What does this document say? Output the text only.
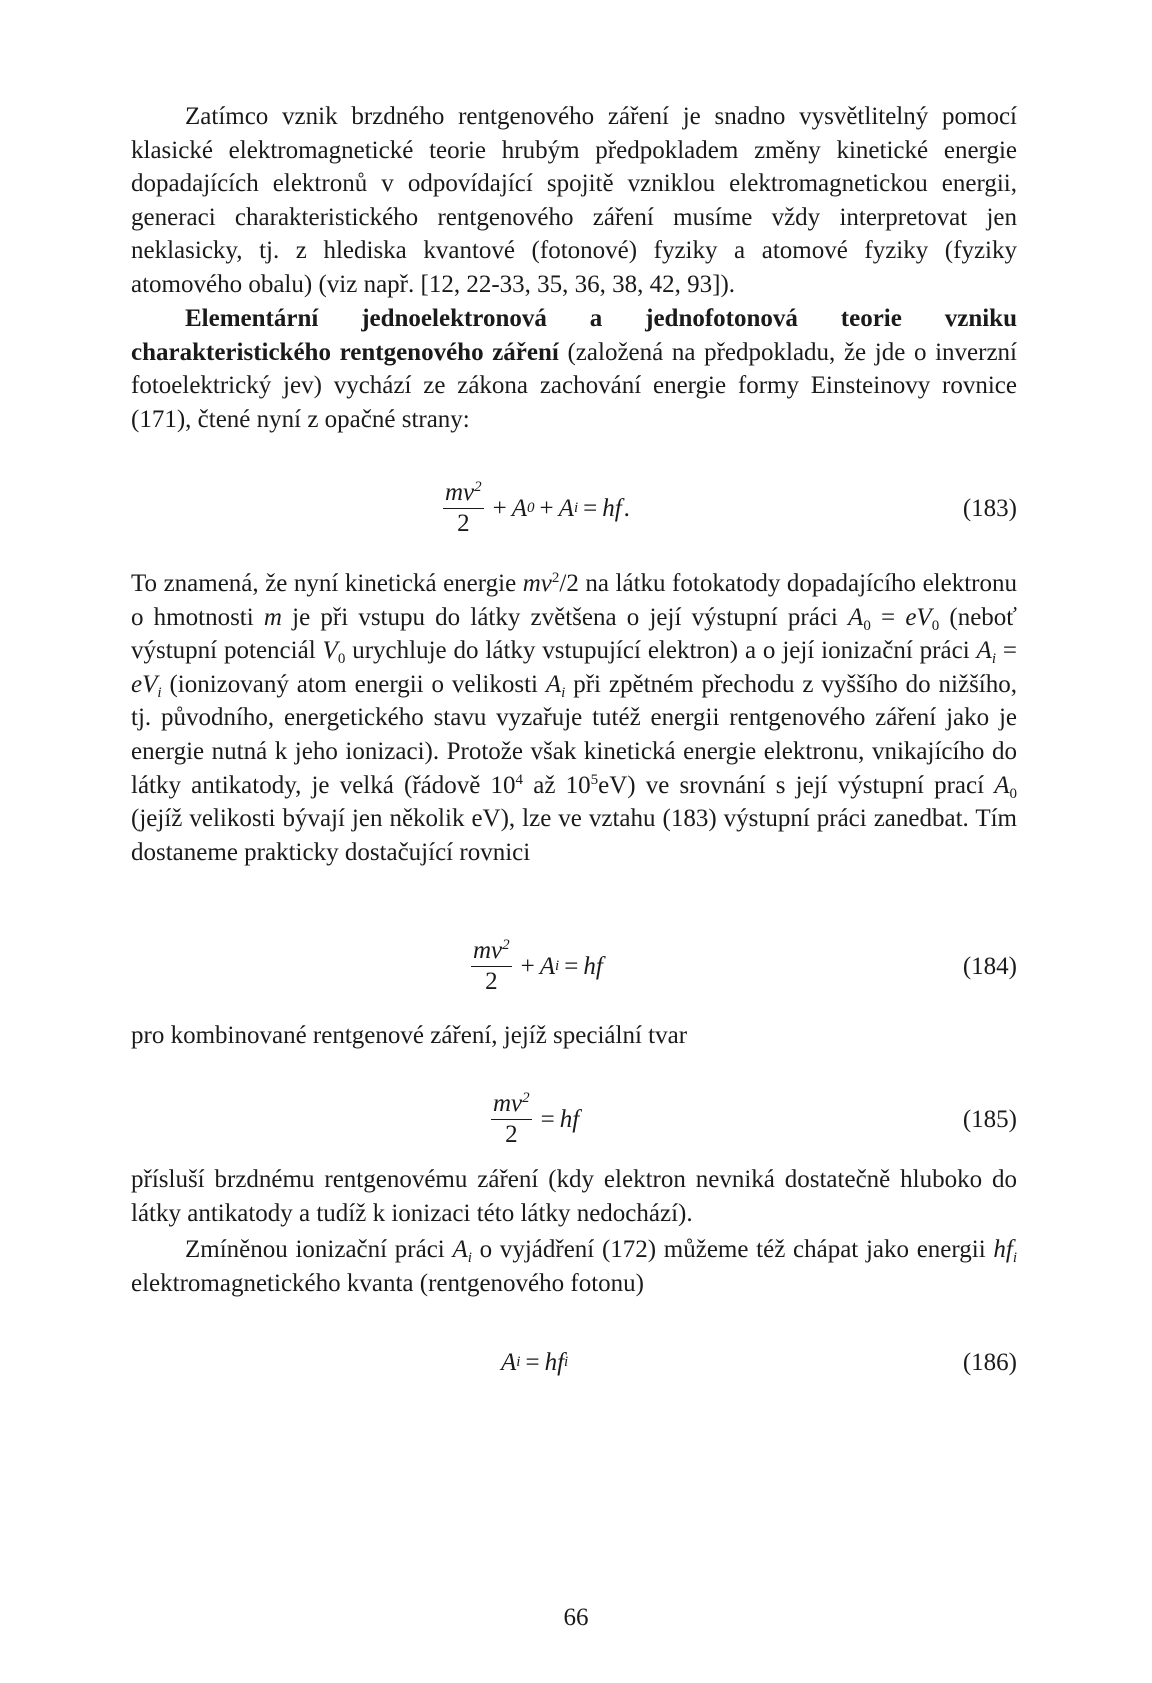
Zatímco vznik brzdného rentgenového záření je snadno vysvětlitelný pomocí klasické elektromagnetické teorie hrubým předpokladem změny kinetické energie dopadajících elektronů v odpovídající spojitě vzniklou elektromagnetickou energii, generaci charakteristického rentgenového záření musíme vždy interpretovat jen neklasicky, tj. z hlediska kvantové (fotonové) fyziky a atomové fyziky (fyziky atomového obalu) (viz např. [12, 22-33, 35, 36, 38, 42, 93]).
Elementární jednoelektronová a jednofotonová teorie vzniku charakteristického rentgenového záření (založená na předpokladu, že jde o inverzní fotoelektrický jev) vychází ze zákona zachování energie formy Einsteinovy rovnice (171), čtené nyní z opačné strany:
$\frac{mv^2}{2} + A$ 0 + A i = hf .	(183)
To znamená, že nyní kinetická energie $mv^2/2$ na látku fotokatody dopadajícího elektronu o hmotnosti m je při vstupu do látky zvětšena o její výstupní práci $A_0 = eV_0$ (neboť výstupní potenciál $V_0$ urychluje do látky vstupující elektron) a o její ionizační práci $A_i = eV_i$ (ionizovaný atom energii o velikosti $A_i$ při zpětném přechodu z vyššího do nižšího, tj. původního, energetického stavu vyzařuje tutéž energii rentgenového záření jako je energie nutná k jeho ionizaci). Protože však kinetická energie elektronu, vnikajícího do látky antikatody, je velká (řádově $10^4$ až $10^5eV$) ve srovnání s její výstupní prací $A_0$ (jejíž velikosti bývají jen několik eV), lze ve vztahu (183) výstupní práci zanedbat. Tím dostaneme prakticky dostačující rovnici
$\frac{mv^2}{2} + A$ i = hf	(184)
pro kombinované rentgenové záření, jejíž speciální tvar
$\frac{mv^2}{2}$ = hf	(185)
přísluší brzdnému rentgenovému záření (kdy elektron nevniká dostatečně hluboko do látky antikatody a tudíž k ionizaci této látky nedochází).
Zmíněnou ionizační práci $A_i$ o vyjádření (172) můžeme též chápat jako energii $hf_i$ elektromagnetického kvanta (rentgenového fotonu)
A i = hf i	(186)
66
